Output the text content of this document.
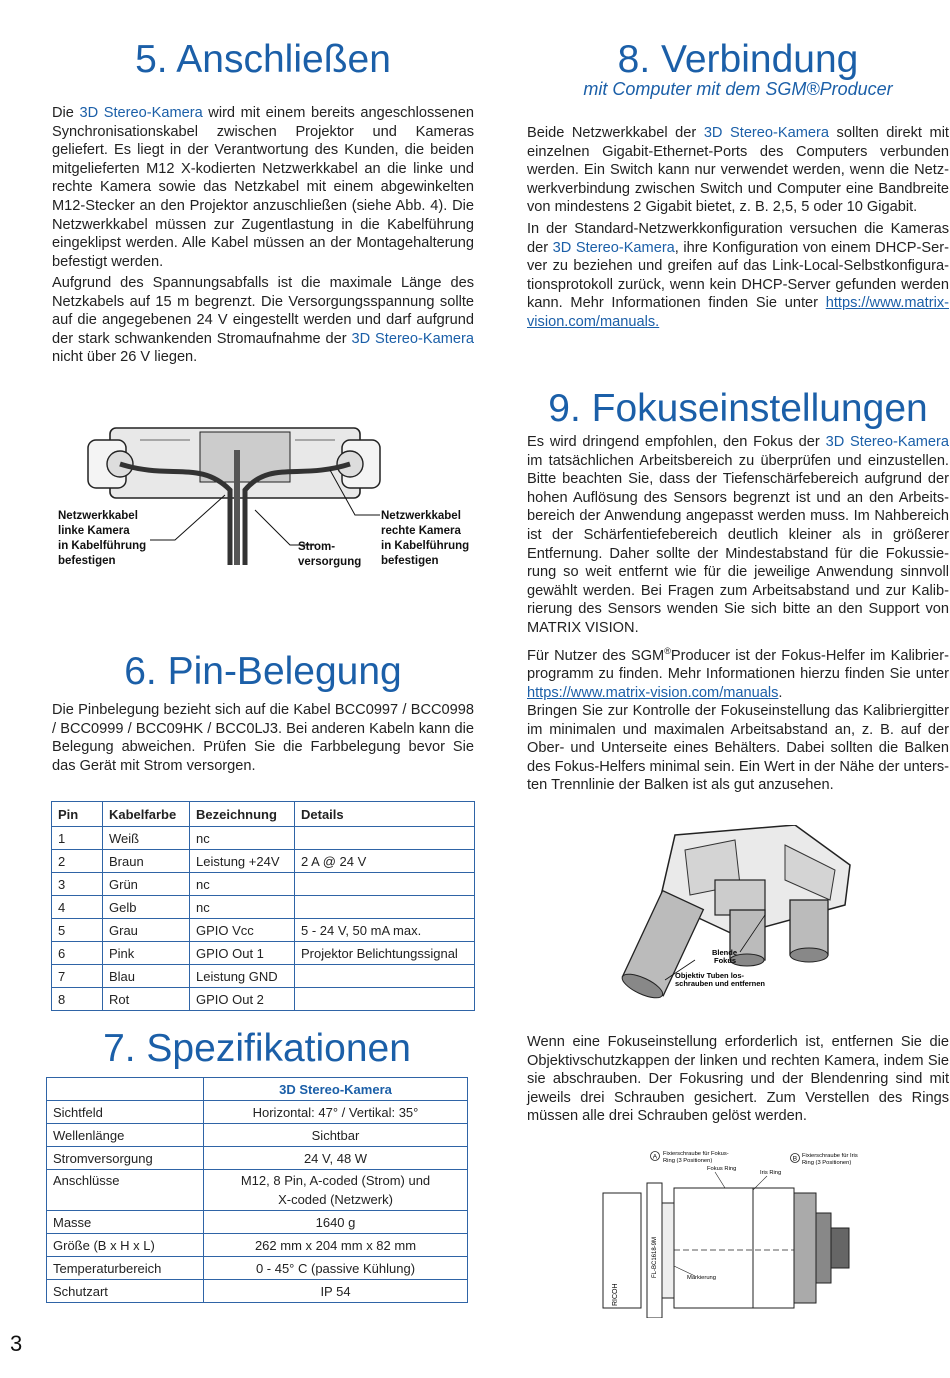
5. Anschließen

Die 3D Stereo-Kamera wird mit einem bereits angeschlossenen Synchronisationskabel zwischen Projektor und Kameras geliefert. Es liegt in der Verantwortung des Kunden, die beiden mitgelieferten M12 X-kodierten Netzwerkkabel an die linke und rechte Kamera sowie das Netzkabel mit einem abgewinkelten M12-Stecker an den Projektor anzuschließen (siehe Abb. 4). Die Netzwerkkabel müssen zur Zugentlastung in die Kabelführung eingeklipst werden. Alle Kabel müssen an der Montagehalterung befestigt werden.

Aufgrund des Spannungsabfalls ist die maximale Länge des Netzkabels auf 15 m begrenzt. Die Versorgungsspannung sollte auf die angegebenen 24 V eingestellt werden und darf aufgrund der stark schwankenden Stromaufnahme der 3D Stereo-Kamera nicht über 26 V liegen.

Netzwerkkabel
linke Kamera
in Kabelführung
befestigen
Strom-
versorgung
Netzwerkkabel
rechte Kamera
in Kabelführung
befestigen
6. Pin-Belegung

Die Pinbelegung bezieht sich auf die Kabel BCC0997 / BCC0998 / BCC0999 / BCC09HK / BCC0LJ3. Bei anderen Kabeln kann die Belegung abweichen. Prüfen Sie die Farbbelegung bevor Sie das Gerät mit Strom versorgen.

Pin	Kabelfarbe	Bezeichnung	Details
1	Weiß	nc	
2	Braun	Leistung +24V	2 A @ 24 V
3	Grün	nc	
4	Gelb	nc	
5	Grau	GPIO Vcc	5 - 24 V, 50 mA max.
6	Pink	GPIO Out 1	Projektor Belichtungssignal
7	Blau	Leistung GND	
8	Rot	GPIO Out 2	
7. Spezifikationen
	3D Stereo-Kamera
Sichtfeld	Horizontal: 47° / Vertikal: 35°
Wellenlänge	Sichtbar
Stromversorgung	24 V, 48 W
Anschlüsse	M12, 8 Pin, A-coded (Strom) und
X-coded (Netzwerk)
Masse	1640 g
Größe (B x H x L)	262 mm x 204 mm x 82 mm
Temperaturbereich	0 - 45° C (passive Kühlung)
Schutzart	IP 54
3
8. Verbindung
mit Computer mit dem SGM®Producer

Beide Netzwerkkabel der 3D Stereo-Kamera sollten direkt mit einzelnen Gigabit-Ethernet-Ports des Computers verbunden werden. Ein Switch kann nur verwendet werden, wenn die Netzwerkverbindung zwischen Switch und Computer eine Bandbreite von mindestens 2 Gigabit bietet, z. B. 2,5, 5 oder 10 Gigabit.

In der Standard-Netzwerkkonfiguration versuchen die Kameras der 3D Stereo-Kamera, ihre Konfiguration von einem DHCP-Server zu beziehen und greifen auf das Link-Local-Selbstkonfigurationsprotokoll zurück, wenn kein DHCP-Server gefunden werden kann. Mehr Informationen finden Sie unter https://www.matrix-vision.com/manuals.

9. Fokuseinstellungen

Es wird dringend empfohlen, den Fokus der 3D Stereo-Kamera im tatsächlichen Arbeitsbereich zu überprüfen und einzustellen. Bitte beachten Sie, dass der Tiefenschärfebereich aufgrund der hohen Auflösung des Sensors begrenzt ist und an den Arbeitsbereich der Anwendung angepasst werden muss. Im Nahbereich ist der Schärfentiefebereich deutlich kleiner als in größerer Entfernung. Daher sollte der Mindestabstand für die Fokussierung so weit entfernt wie für die jeweilige Anwendung sinnvoll gewählt werden. Bei Fragen zum Arbeitsabstand und zur Kalibrierung des Sensors wenden Sie sich bitte an den Support von MATRIX VISION.

Für Nutzer des SGM®Producer ist der Fokus-Helfer im Kalibrierprogramm zu finden. Mehr Informationen hierzu finden Sie unter https://www.matrix-vision.com/manuals.

Bringen Sie zur Kontrolle der Fokuseinstellung das Kalibriergitter im minimalen und maximalen Arbeitsabstand an, z. B. auf der Ober- und Unterseite eines Behälters. Dabei sollten die Balken des Fokus-Helfers minimal sein. Ein Wert in der Nähe der untersten Trennlinie der Balken ist als gut anzusehen.

Blende
Fokus
Objektiv Tuben los-
schrauben und entfernen

Wenn eine Fokuseinstellung erforderlich ist, entfernen Sie die Objektivschutzkappen der linken und rechten Kamera, indem Sie sie abschrauben. Der Fokusring und der Blendenring sind mit jeweils drei Schrauben gesichert. Zum Verstellen des Rings müssen alle drei Schrauben gelöst werden.

A Fixierschraube für Fokus-
Ring (3 Positionen)	B Fixierschraube für Iris
Ring (3 Positionen)
Fokus Ring
Iris Ring
Markierung
RICOH
FL-BC1618-9M
